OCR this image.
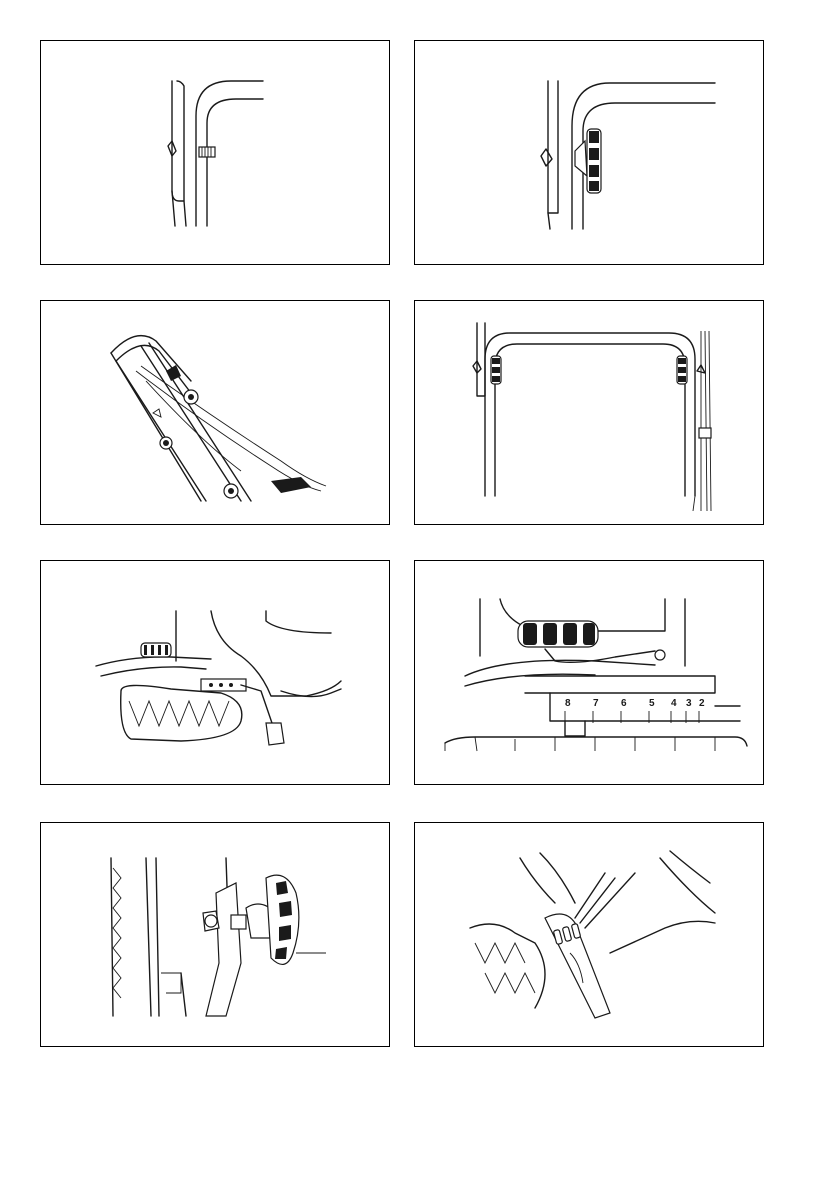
8 7 6 5 4 3 2
